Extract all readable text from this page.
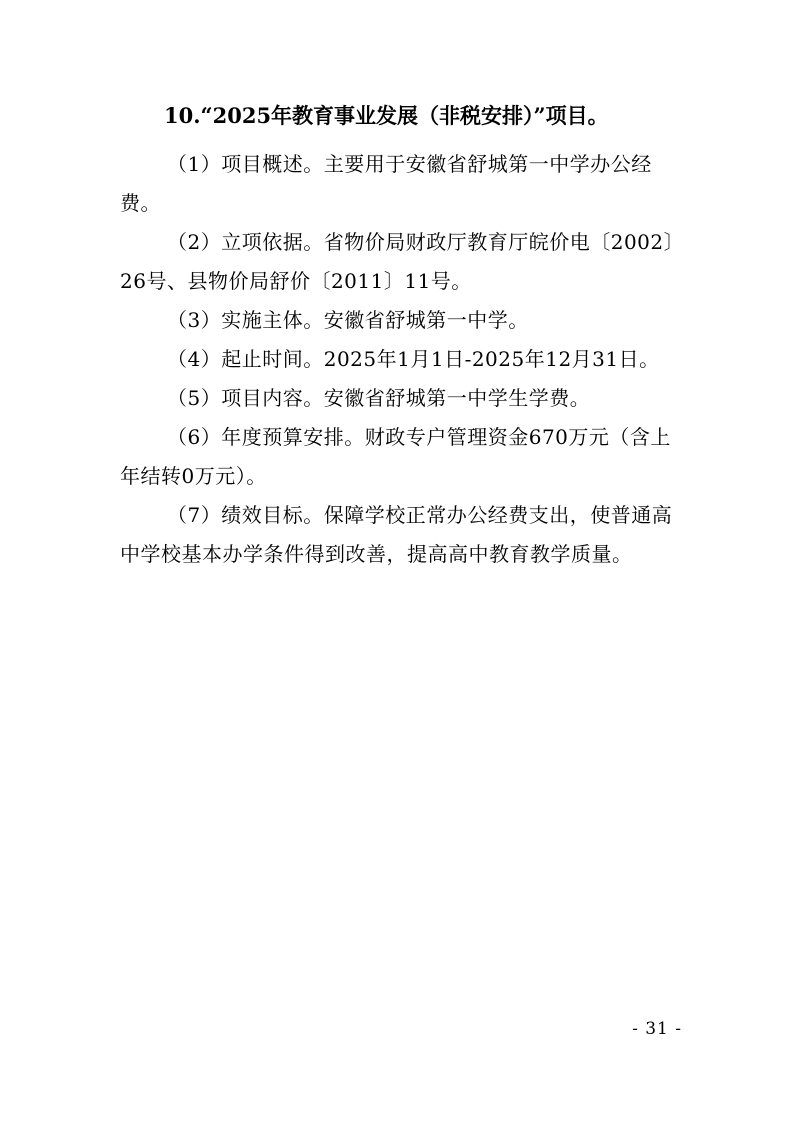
10.“2025年教育事业发展（非税安排）”项目。
（1）项目概述。主要用于安徽省舒城第一中学办公经费。
（2）立项依据。省物价局财政厅教育厅皖价电〔2002〕26号、县物价局舒价〔2011〕11号。
（3）实施主体。安徽省舒城第一中学。
（4）起止时间。2025年1月1日-2025年12月31日。
（5）项目内容。安徽省舒城第一中学生学费。
（6）年度预算安排。财政专户管理资金670万元（含上年结转0万元）。
（7）绩效目标。保障学校正常办公经费支出，使普通高中学校基本办学条件得到改善，提高高中教育教学质量。
- 31 -
